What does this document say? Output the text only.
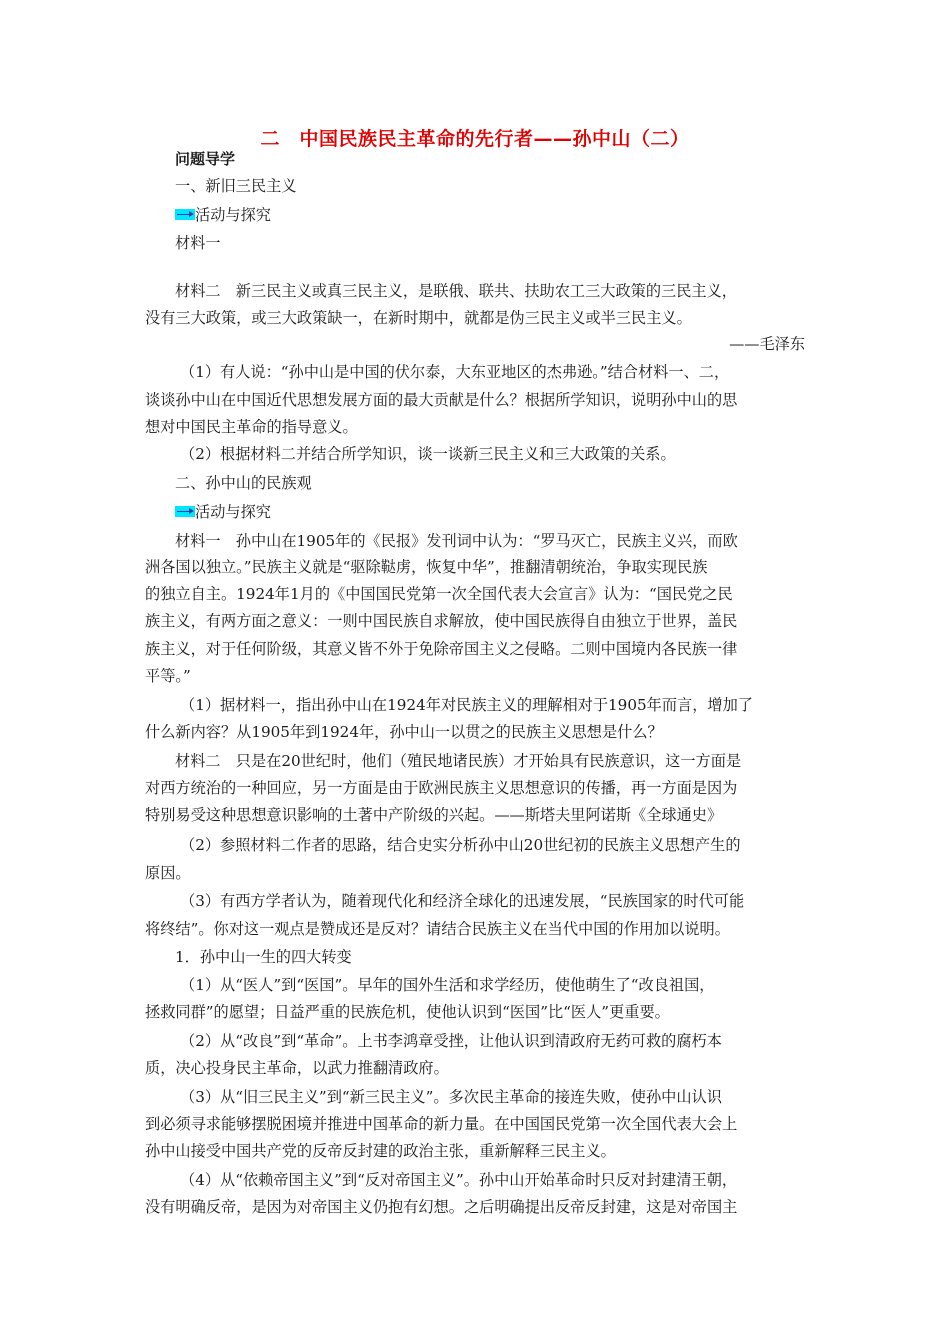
二　中国民族民主革命的先行者——孙中山（二）
问题导学
一、新旧三民主义
活动与探究
材料一
材料二　新三民主义或真三民主义，是联俄、联共、扶助农工三大政策的三民主义，
没有三大政策，或三大政策缺一，在新时期中，就都是伪三民主义或半三民主义。
——毛泽东
（1）有人说：“孙中山是中国的伏尔泰，大东亚地区的杰弗逊。”结合材料一、二，
谈谈孙中山在中国近代思想发展方面的最大贡献是什么？根据所学知识，说明孙中山的思
想对中国民主革命的指导意义。
（2）根据材料二并结合所学知识，谈一谈新三民主义和三大政策的关系。
二、孙中山的民族观
活动与探究
材料一　孙中山在1905年的《民报》发刊词中认为：“罗马灭亡，民族主义兴，而欧
洲各国以独立。”民族主义就是“驱除鞑虏，恢复中华”，推翻清朝统治，争取实现民族
的独立自主。1924年1月的《中国国民党第一次全国代表大会宣言》认为：“国民党之民
族主义，有两方面之意义：一则中国民族自求解放，使中国民族得自由独立于世界，盖民
族主义，对于任何阶级，其意义皆不外于免除帝国主义之侵略。二则中国境内各民族一律
平等。”
（1）据材料一，指出孙中山在1924年对民族主义的理解相对于1905年而言，增加了
什么新内容？从1905年到1924年，孙中山一以贯之的民族主义思想是什么？
材料二　只是在20世纪时，他们（殖民地诸民族）才开始具有民族意识，这一方面是
对西方统治的一种回应，另一方面是由于欧洲民族主义思想意识的传播，再一方面是因为
特别易受这种思想意识影响的土著中产阶级的兴起。——斯塔夫里阿诺斯《全球通史》
（2）参照材料二作者的思路，结合史实分析孙中山20世纪初的民族主义思想产生的
原因。
（3）有西方学者认为，随着现代化和经济全球化的迅速发展，“民族国家的时代可能
将终结”。你对这一观点是赞成还是反对？请结合民族主义在当代中国的作用加以说明。
1．孙中山一生的四大转变
（1）从“医人”到“医国”。早年的国外生活和求学经历，使他萌生了“改良祖国，
拯救同群”的愿望；日益严重的民族危机，使他认识到“医国”比“医人”更重要。
（2）从“改良”到“革命”。上书李鸿章受挫，让他认识到清政府无药可救的腐朽本
质，决心投身民主革命，以武力推翻清政府。
（3）从“旧三民主义”到“新三民主义”。多次民主革命的接连失败，使孙中山认识
到必须寻求能够摆脱困境并推进中国革命的新力量。在中国国民党第一次全国代表大会上
孙中山接受中国共产党的反帝反封建的政治主张，重新解释三民主义。
（4）从“依赖帝国主义”到“反对帝国主义”。孙中山开始革命时只反对封建清王朝，
没有明确反帝，是因为对帝国主义仍抱有幻想。之后明确提出反帝反封建，这是对帝国主
